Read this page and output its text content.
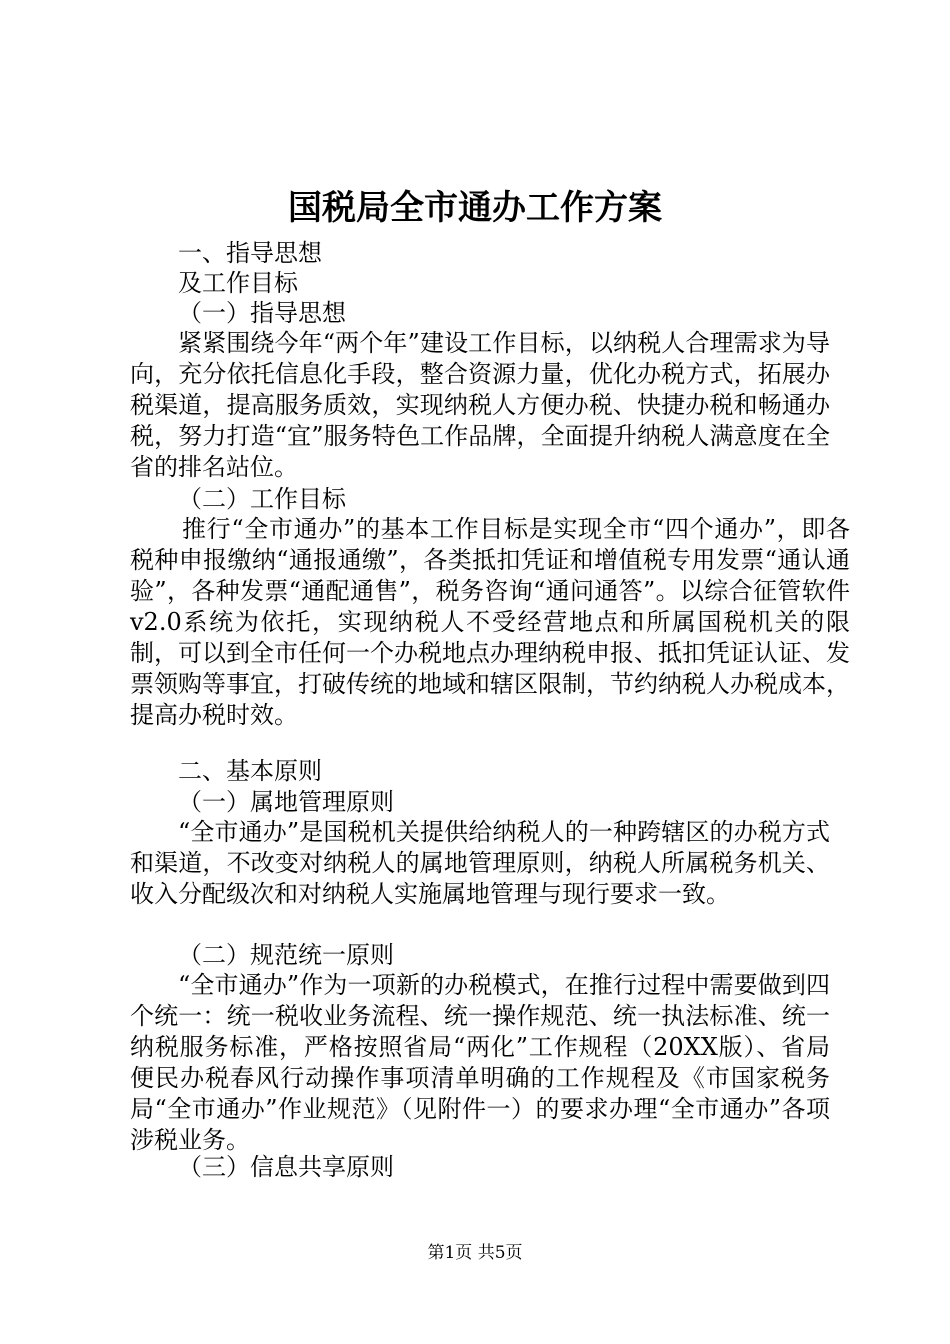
国税局全市通办工作方案
一、指导思想
及工作目标
（一）指导思想
紧紧围绕今年“两个年”建设工作目标，以纳税人合理需求为导向，充分依托信息化手段，整合资源力量，优化办税方式，拓展办税渠道，提高服务质效，实现纳税人方便办税、快捷办税和畅通办税，努力打造“宜”服务特色工作品牌，全面提升纳税人满意度在全省的排名站位。
（二）工作目标
推行“全市通办”的基本工作目标是实现全市“四个通办”，即各税种申报缴纳“通报通缴”，各类抵扣凭证和增值税专用发票“通认通验”，各种发票“通配通售”，税务咨询“通问通答”。以综合征管软件v2.0系统为依托，实现纳税人不受经营地点和所属国税机关的限制，可以到全市任何一个办税地点办理纳税申报、抵扣凭证认证、发票领购等事宜，打破传统的地域和辖区限制，节约纳税人办税成本，提高办税时效。
二、基本原则
（一）属地管理原则
“全市通办”是国税机关提供给纳税人的一种跨辖区的办税方式和渠道，不改变对纳税人的属地管理原则，纳税人所属税务机关、收入分配级次和对纳税人实施属地管理与现行要求一致。
（二）规范统一原则
“全市通办”作为一项新的办税模式，在推行过程中需要做到四个统一：统一税收业务流程、统一操作规范、统一执法标准、统一纳税服务标准，严格按照省局“两化”工作规程（20XX版）、省局便民办税春风行动操作事项清单明确的工作规程及《市国家税务局“全市通办”作业规范》（见附件一）的要求办理“全市通办”各项涉税业务。
（三）信息共享原则
第1页 共5页
